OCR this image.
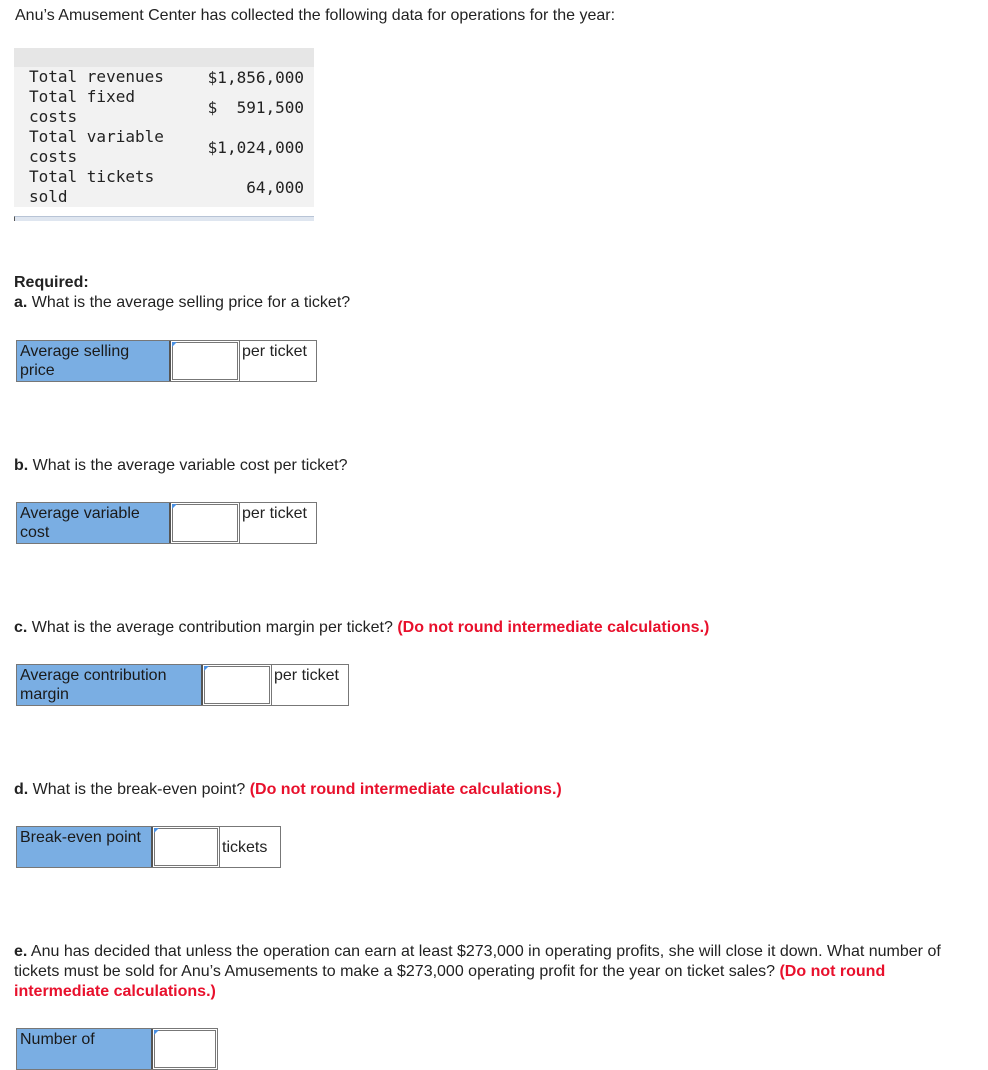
Anu’s Amusement Center has collected the following data for operations for the year:
Total revenues	$1,856,000
Total fixed
costs	$  591,500
Total variable
costs	$1,024,000
Total tickets
sold	64,000
Required:
a. What is the average selling price for a ticket?
Average selling price
per ticket
b. What is the average variable cost per ticket?
Average variable cost
per ticket
c. What is the average contribution margin per ticket? (Do not round intermediate calculations.)
Average contribution margin
per ticket
d. What is the break-even point? (Do not round intermediate calculations.)
Break-even point
tickets
e. Anu has decided that unless the operation can earn at least $273,000 in operating profits, she will close it down. What number of tickets must be sold for Anu’s Amusements to make a $273,000 operating profit for the year on ticket sales? (Do not round intermediate calculations.)
Number of
